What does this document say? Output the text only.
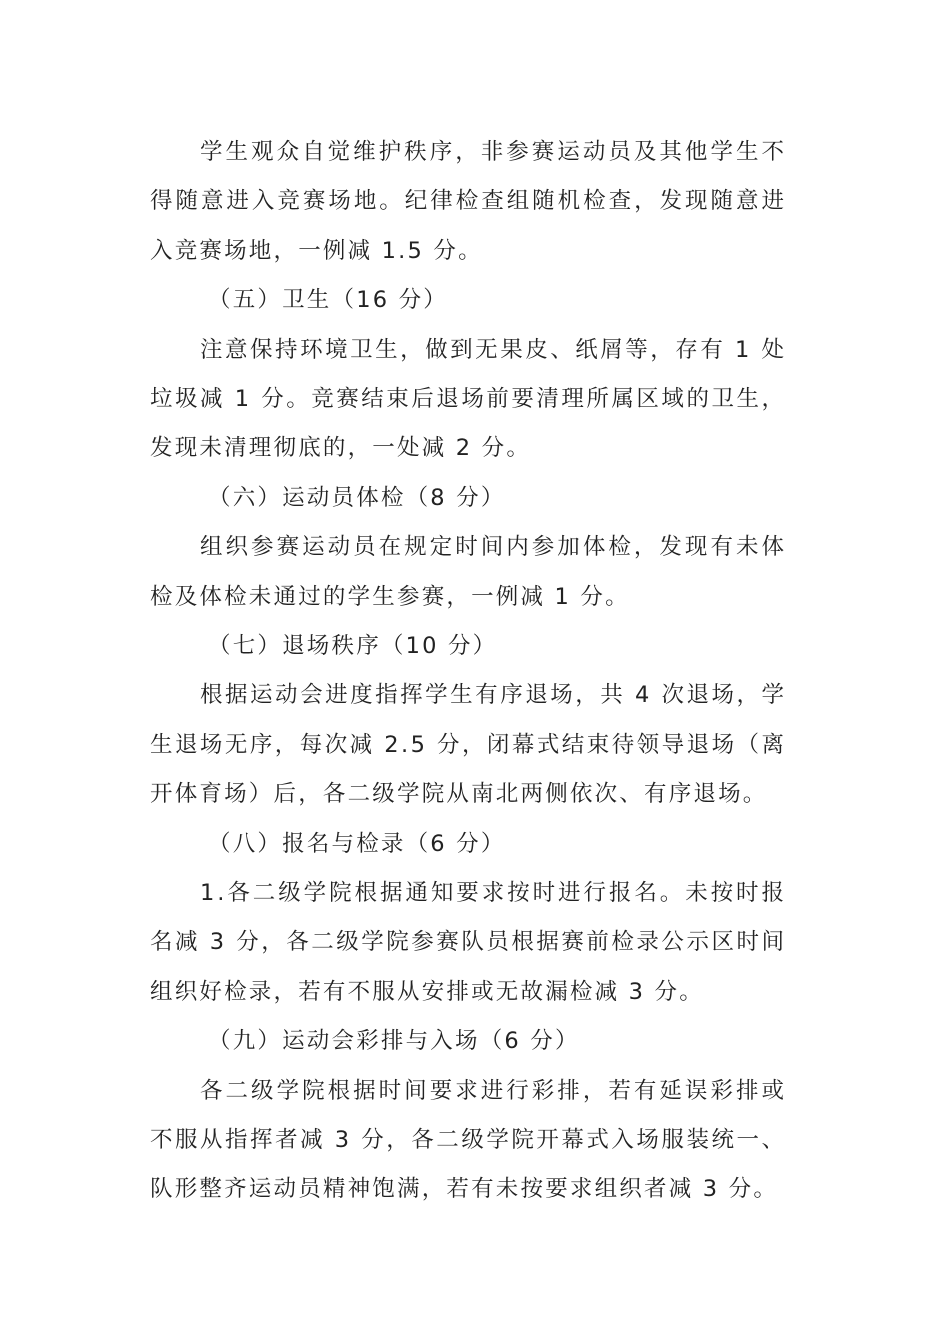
学生观众自觉维护秩序，非参赛运动员及其他学生不
得随意进入竞赛场地。纪律检查组随机检查，发现随意进
入竞赛场地，一例减 1.5 分。
（五）卫生（16 分）
注意保持环境卫生，做到无果皮、纸屑等，存有 1 处
垃圾减 1 分。竞赛结束后退场前要清理所属区域的卫生，
发现未清理彻底的，一处减 2 分。
（六）运动员体检（8 分）
组织参赛运动员在规定时间内参加体检，发现有未体
检及体检未通过的学生参赛，一例减 1 分。
（七）退场秩序（10 分）
根据运动会进度指挥学生有序退场，共 4 次退场，学
生退场无序，每次减 2.5 分，闭幕式结束待领导退场（离
开体育场）后，各二级学院从南北两侧依次、有序退场。
（八）报名与检录（6 分）
1.各二级学院根据通知要求按时进行报名。未按时报
名减 3 分，各二级学院参赛队员根据赛前检录公示区时间
组织好检录，若有不服从安排或无故漏检减 3 分。
（九）运动会彩排与入场（6 分）
各二级学院根据时间要求进行彩排，若有延误彩排或
不服从指挥者减 3 分，各二级学院开幕式入场服装统一、
队形整齐运动员精神饱满，若有未按要求组织者减 3 分。
